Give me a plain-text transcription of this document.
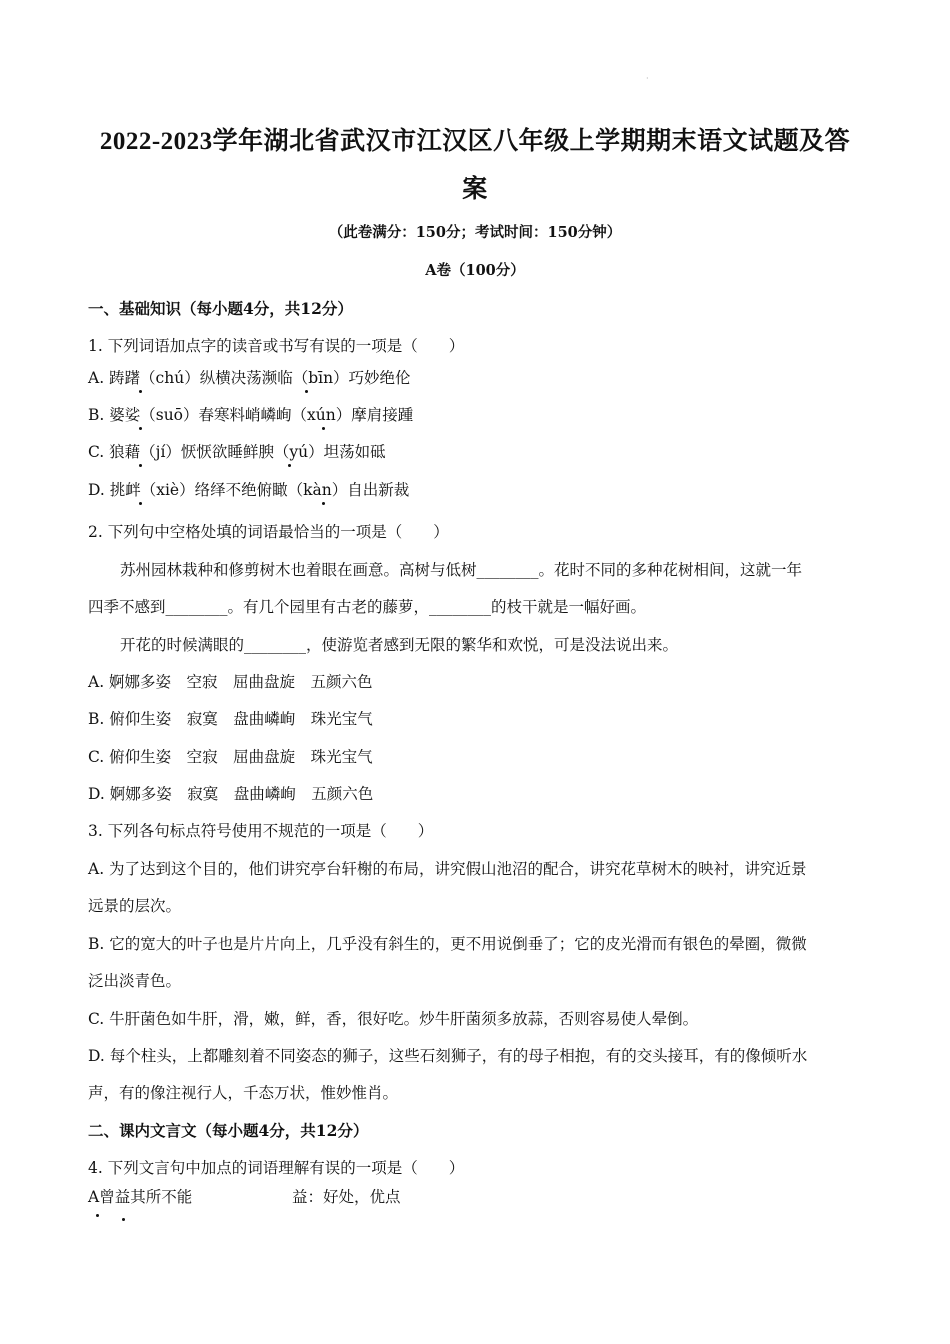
·
2022-2023学年湖北省武汉市江汉区八年级上学期期末语文试题及答
案
（此卷满分：150分；考试时间：150分钟）
A卷（100分）
一、基础知识（每小题4分，共12分）
1. 下列词语加点字的读音或书写有误的一项是（　　）
A. 踌躇（chú）纵横决荡濒临（bīn）巧妙绝伦
B. 婆娑（suō）春寒料峭嶙峋（xún）摩肩接踵
C. 狼藉（jí）恹恹欲睡鲜腴（yú）坦荡如砥
D. 挑衅（xiè）络绎不绝俯瞰（kàn）自出新裁
2. 下列句中空格处填的词语最恰当的一项是（　　）
苏州园林栽种和修剪树木也着眼在画意。高树与低树________。花时不同的多种花树相间，这就一年
四季不感到________。有几个园里有古老的藤萝，________的枝干就是一幅好画。
开花的时候满眼的________，使游览者感到无限的繁华和欢悦，可是没法说出来。
A. 婀娜多姿　空寂　屈曲盘旋　五颜六色
B. 俯仰生姿　寂寞　盘曲嶙峋　珠光宝气
C. 俯仰生姿　空寂　屈曲盘旋　珠光宝气
D. 婀娜多姿　寂寞　盘曲嶙峋　五颜六色
3. 下列各句标点符号使用不规范的一项是（　　）
A. 为了达到这个目的，他们讲究亭台轩榭的布局，讲究假山池沼的配合，讲究花草树木的映衬，讲究近景
远景的层次。
B. 它的宽大的叶子也是片片向上，几乎没有斜生的，更不用说倒垂了；它的皮光滑而有银色的晕圈，微微
泛出淡青色。
C. 牛肝菌色如牛肝，滑，嫩，鲜，香，很好吃。炒牛肝菌须多放蒜，否则容易使人晕倒。
D. 每个柱头，上都雕刻着不同姿态的狮子，这些石刻狮子，有的母子相抱，有的交头接耳，有的像倾听水
声，有的像注视行人，千态万状，惟妙惟肖。
二、课内文言文（每小题4分，共12分）
4. 下列文言句中加点的词语理解有误的一项是（　　）
A曾益其所不能	益：好处，优点
